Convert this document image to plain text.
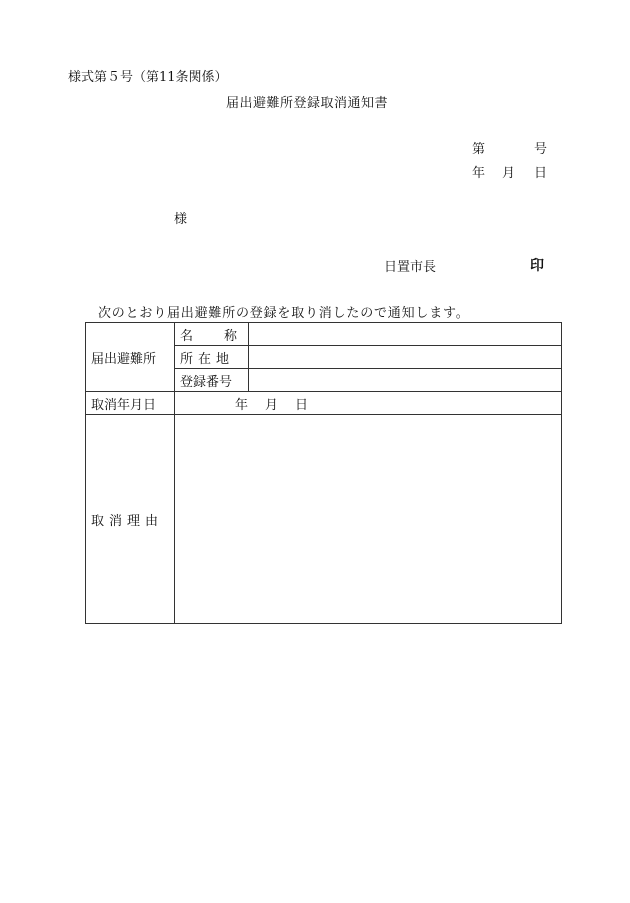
様式第５号（第11条関係）
届出避難所登録取消通知書
第	号
年 月 日
様
日置市長	印
次のとおり届出避難所の登録を取り消したので通知します。
届出避難所	名 称	
	所在地	
	登録番号	
取消年月日	年 月 日	
取消理由		
